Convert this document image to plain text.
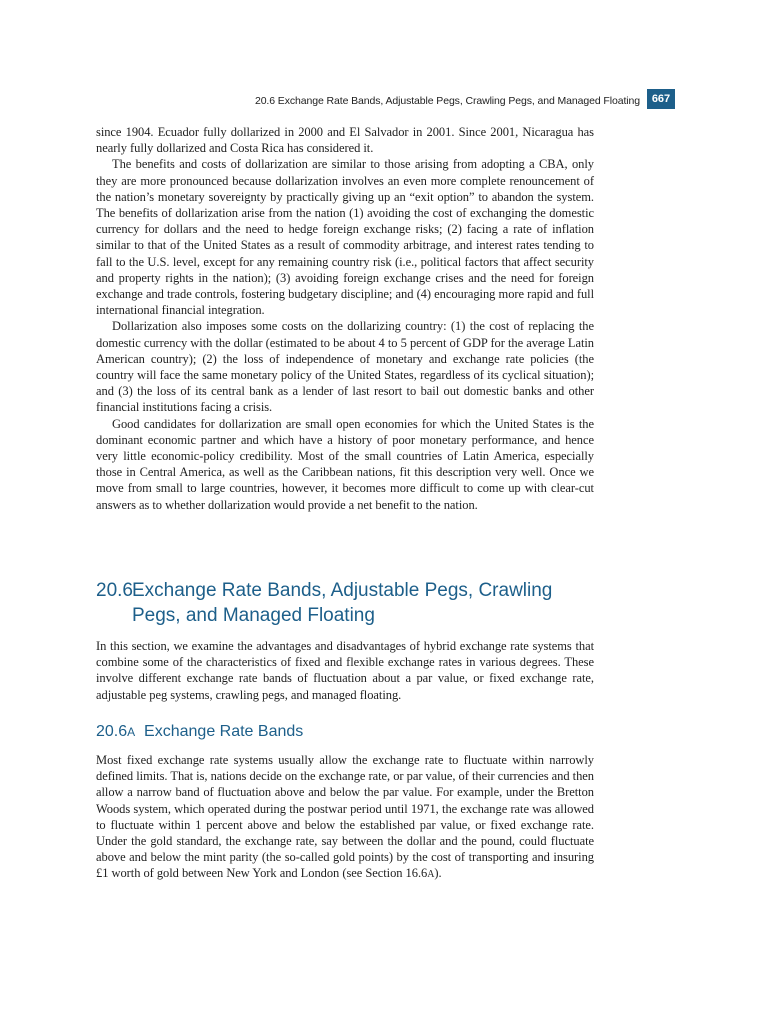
20.6 Exchange Rate Bands, Adjustable Pegs, Crawling Pegs, and Managed Floating	667

since 1904. Ecuador fully dollarized in 2000 and El Salvador in 2001. Since 2001, Nicaragua has nearly fully dollarized and Costa Rica has considered it.

The benefits and costs of dollarization are similar to those arising from adopting a CBA, only they are more pronounced because dollarization involves an even more complete renouncement of the nation’s monetary sovereignty by practically giving up an “exit option” to abandon the system. The benefits of dollarization arise from the nation (1) avoiding the cost of exchanging the domestic currency for dollars and the need to hedge foreign exchange risks; (2) facing a rate of inflation similar to that of the United States as a result of commodity arbitrage, and interest rates tending to fall to the U.S. level, except for any remaining country risk (i.e., political factors that affect security and property rights in the nation); (3) avoiding foreign exchange crises and the need for foreign exchange and trade controls, fostering budgetary discipline; and (4) encouraging more rapid and full international financial integration.

Dollarization also imposes some costs on the dollarizing country: (1) the cost of replacing the domestic currency with the dollar (estimated to be about 4 to 5 percent of GDP for the average Latin American country); (2) the loss of independence of monetary and exchange rate policies (the country will face the same monetary policy of the United States, regardless of its cyclical situation); and (3) the loss of its central bank as a lender of last resort to bail out domestic banks and other financial institutions facing a crisis.

Good candidates for dollarization are small open economies for which the United States is the dominant economic partner and which have a history of poor monetary performance, and hence very little economic-policy credibility. Most of the small countries of Latin America, especially those in Central America, as well as the Caribbean nations, fit this description very well. Once we move from small to large countries, however, it becomes more difficult to come up with clear-cut answers as to whether dollarization would provide a net benefit to the nation.

20.6Exchange Rate Bands, Adjustable Pegs, Crawling
Pegs, and Managed Floating

In this section, we examine the advantages and disadvantages of hybrid exchange rate systems that combine some of the characteristics of fixed and flexible exchange rates in various degrees. These involve different exchange rate bands of fluctuation about a par value, or fixed exchange rate, adjustable peg systems, crawling pegs, and managed floating.

20.6A Exchange Rate Bands

Most fixed exchange rate systems usually allow the exchange rate to fluctuate within narrowly defined limits. That is, nations decide on the exchange rate, or par value, of their currencies and then allow a narrow band of fluctuation above and below the par value. For example, under the Bretton Woods system, which operated during the postwar period until 1971, the exchange rate was allowed to fluctuate within 1 percent above and below the established par value, or fixed exchange rate. Under the gold standard, the exchange rate, say between the dollar and the pound, could fluctuate above and below the mint parity (the so-called gold points) by the cost of transporting and insuring £1 worth of gold between New York and London (see Section 16.6A).
